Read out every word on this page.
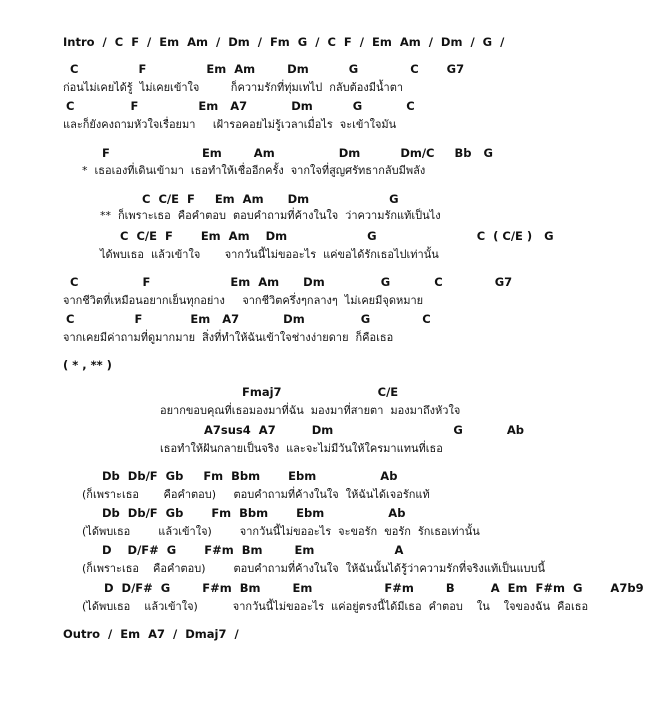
Intro  /  C  F  /  Em  Am  /  Dm  /  Fm  G  /  C  F  /  Em  Am  /  Dm  /  G  /
C               F               Em  Am        Dm          G             C       G7
ก่อนไม่เคยได้รู้  ไม่เคยเข้าใจ         ก็ความรักที่ทุ่มเทไป  กลับต้องมีน้ำตา
C              F               Em   A7           Dm          G           C
และก็ยังคงถามหัวใจเรื่อยมา     เฝ้ารอคอยไม่รู้เวลาเมื่อไร  จะเข้าใจมัน
F                       Em        Am                Dm          Dm/C     Bb   G
*  เธอเองที่เดินเข้ามา  เธอทำให้เชื่ออีกครั้ง  จากใจที่สูญศรัทธากลับมีพลัง
C  C/E  F     Em  Am      Dm                    G
**  ก็เพราะเธอ  คือคำตอบ  ตอบคำถามที่ค้างในใจ  ว่าความรักแท้เป็นไง
C  C/E  F       Em  Am    Dm                    G                         C  ( C/E )   G
ได้พบเธอ  แล้วเข้าใจ       จากวันนี้ไม่ขออะไร  แค่ขอได้รักเธอไปเท่านั้น
C                F                    Em  Am      Dm              G           C             G7
จากชีวิตที่เหมือนอยากเย็นทุกอย่าง     จากชีวิตครึ่งๆกลางๆ  ไม่เคยมีจุดหมาย
C               F            Em   A7           Dm              G             C
จากเคยมีค่าถามที่ดูมากมาย  สิ่งที่ทำให้ฉันเข้าใจช่างง่ายดาย  ก็คือเธอ
( * , ** )
Fmaj7                        C/E
อยากขอบคุณที่เธอมองมาที่ฉัน  มองมาที่สายตา  มองมาถึงหัวใจ
A7sus4  A7         Dm                              G           Ab
เธอทำให้ฝันกลายเป็นจริง  และจะไม่มีวันให้ใครมาแทนที่เธอ
Db  Db/F  Gb     Fm  Bbm       Ebm                Ab
(ก็เพราะเธอ       คือคำตอบ)     ตอบคำถามที่ค้างในใจ  ให้ฉันได้เจอรักแท้
Db  Db/F  Gb       Fm  Bbm       Ebm                Ab
(ได้พบเธอ        แล้วเข้าใจ)        จากวันนี้ไม่ขออะไร  จะขอรัก  ขอรัก  รักเธอเท่านั้น
D    D/F#  G       F#m  Bm        Em                    A
(ก็เพราะเธอ    คือคำตอบ)        ตอบคำถามที่ค้างในใจ  ให้ฉันนั้นได้รู้ว่าความรักที่จริงแท้เป็นแบบนี้
D  D/F#  G        F#m  Bm        Em                  F#m        B         A  Em  F#m  G       A7b9
(ได้พบเธอ    แล้วเข้าใจ)          จากวันนี้ไม่ขออะไร  แค่อยู่ตรงนี้ได้มีเธอ  คำตอบ    ใน    ใจของฉัน  คือเธอ
Outro  /  Em  A7  /  Dmaj7  /
